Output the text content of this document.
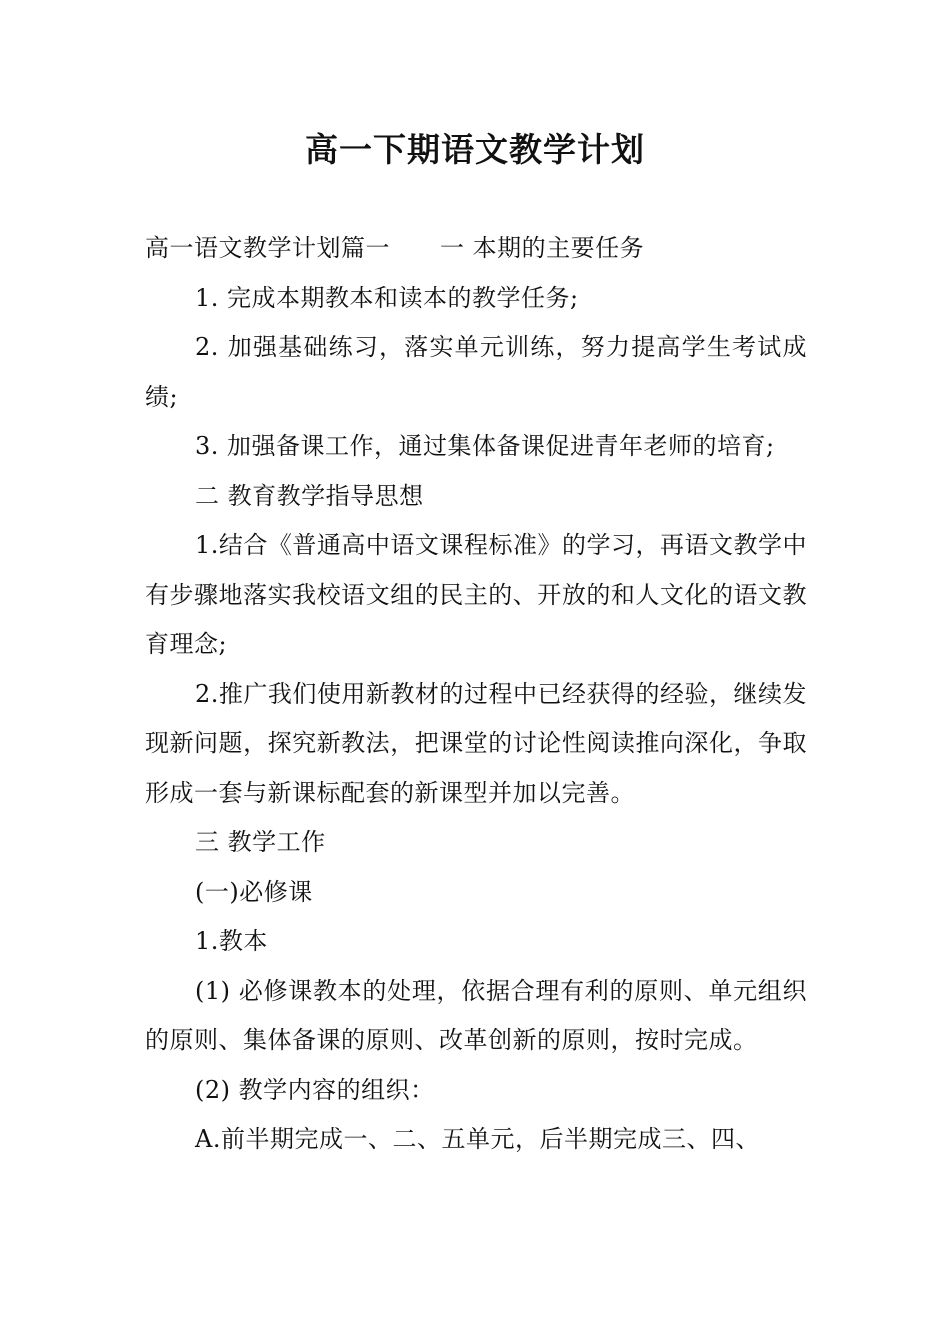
高一下期语文教学计划

高一语文教学计划篇一 一 本期的主要任务

1. 完成本期教本和读本的教学任务;

2. 加强基础练习，落实单元训练，努力提高学生考试成绩;

3. 加强备课工作，通过集体备课促进青年老师的培育;

二 教育教学指导思想

1.结合《普通高中语文课程标准》的学习，再语文教学中有步骤地落实我校语文组的民主的、开放的和人文化的语文教育理念;

2.推广我们使用新教材的过程中已经获得的经验，继续发现新问题，探究新教法，把课堂的讨论性阅读推向深化，争取形成一套与新课标配套的新课型并加以完善。

三 教学工作

(一)必修课

1.教本

(1) 必修课教本的处理，依据合理有利的原则、单元组织的原则、集体备课的原则、改革创新的原则，按时完成。

(2) 教学内容的组织：

A.前半期完成一、二、五单元，后半期完成三、四、
